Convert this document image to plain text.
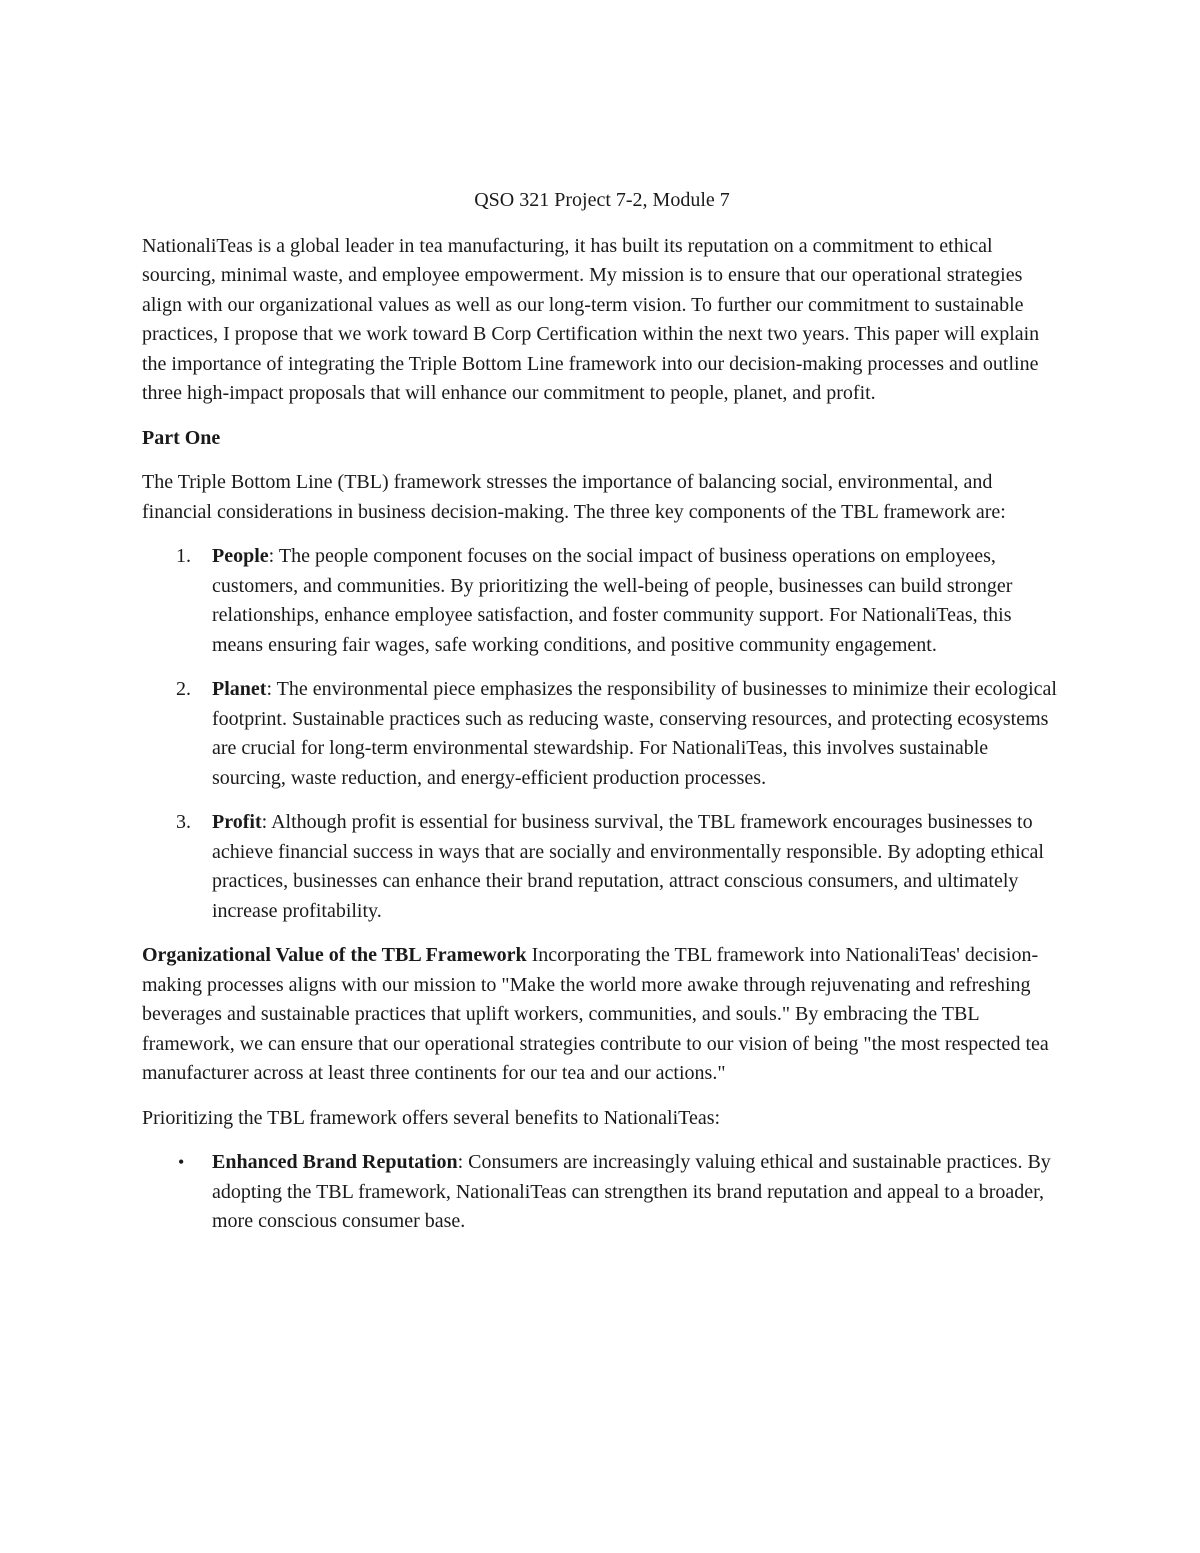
QSO 321 Project 7-2, Module 7

NationaliTeas is a global leader in tea manufacturing, it has built its reputation on a commitment to ethical sourcing, minimal waste, and employee empowerment. My mission is to ensure that our operational strategies align with our organizational values as well as our long-term vision. To further our commitment to sustainable practices, I propose that we work toward B Corp Certification within the next two years. This paper will explain the importance of integrating the Triple Bottom Line framework into our decision-making processes and outline three high-impact proposals that will enhance our commitment to people, planet, and profit.

Part One

The Triple Bottom Line (TBL) framework stresses the importance of balancing social, environmental, and financial considerations in business decision-making. The three key components of the TBL framework are:

1. People: The people component focuses on the social impact of business operations on employees, customers, and communities. By prioritizing the well-being of people, businesses can build stronger relationships, enhance employee satisfaction, and foster community support. For NationaliTeas, this means ensuring fair wages, safe working conditions, and positive community engagement.
2. Planet: The environmental piece emphasizes the responsibility of businesses to minimize their ecological footprint. Sustainable practices such as reducing waste, conserving resources, and protecting ecosystems are crucial for long-term environmental stewardship. For NationaliTeas, this involves sustainable sourcing, waste reduction, and energy-efficient production processes.
3. Profit: Although profit is essential for business survival, the TBL framework encourages businesses to achieve financial success in ways that are socially and environmentally responsible. By adopting ethical practices, businesses can enhance their brand reputation, attract conscious consumers, and ultimately increase profitability.

Organizational Value of the TBL Framework Incorporating the TBL framework into NationaliTeas' decision-making processes aligns with our mission to "Make the world more awake through rejuvenating and refreshing beverages and sustainable practices that uplift workers, communities, and souls." By embracing the TBL framework, we can ensure that our operational strategies contribute to our vision of being "the most respected tea manufacturer across at least three continents for our tea and our actions."

Prioritizing the TBL framework offers several benefits to NationaliTeas:

• Enhanced Brand Reputation: Consumers are increasingly valuing ethical and sustainable practices. By adopting the TBL framework, NationaliTeas can strengthen its brand reputation and appeal to a broader, more conscious consumer base.
